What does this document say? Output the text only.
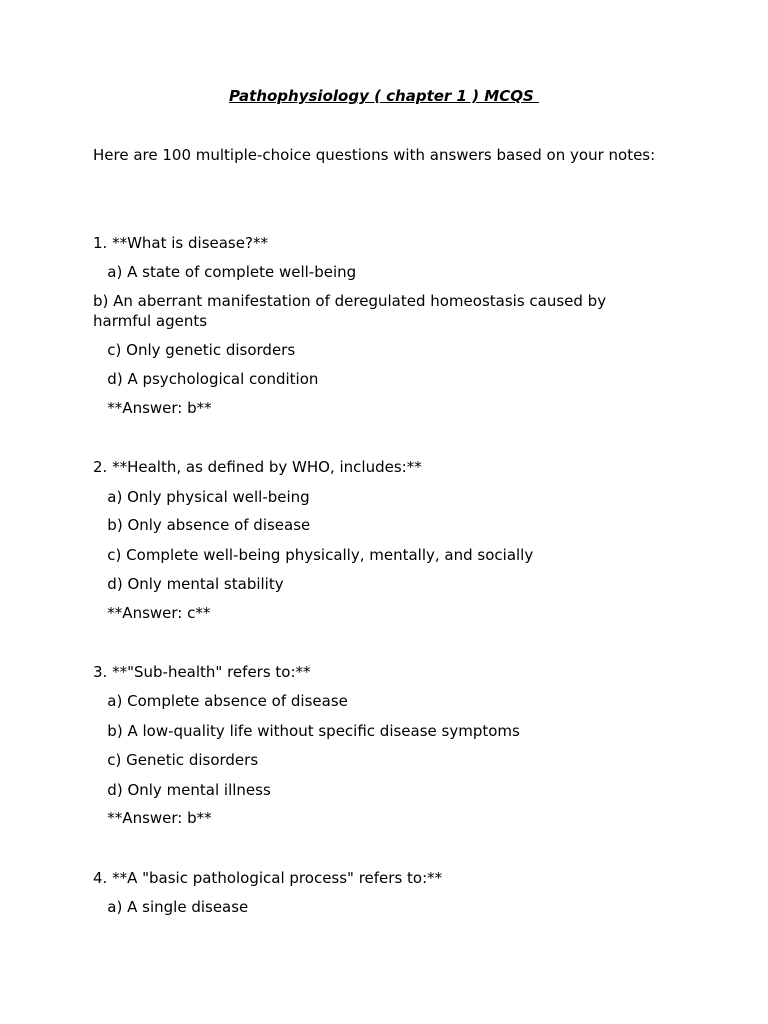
Pathophysiology ( chapter 1 ) MCQS
Here are 100 multiple-choice questions with answers based on your notes:
1. **What is disease?**
a) A state of complete well-being
b) An aberrant manifestation of deregulated homeostasis caused by harmful agents
c) Only genetic disorders
d) A psychological condition
**Answer: b**
2. **Health, as defined by WHO, includes:**
a) Only physical well-being
b) Only absence of disease
c) Complete well-being physically, mentally, and socially
d) Only mental stability
**Answer: c**
3. **"Sub-health" refers to:**
a) Complete absence of disease
b) A low-quality life without specific disease symptoms
c) Genetic disorders
d) Only mental illness
**Answer: b**
4. **A "basic pathological process" refers to:**
a) A single disease
